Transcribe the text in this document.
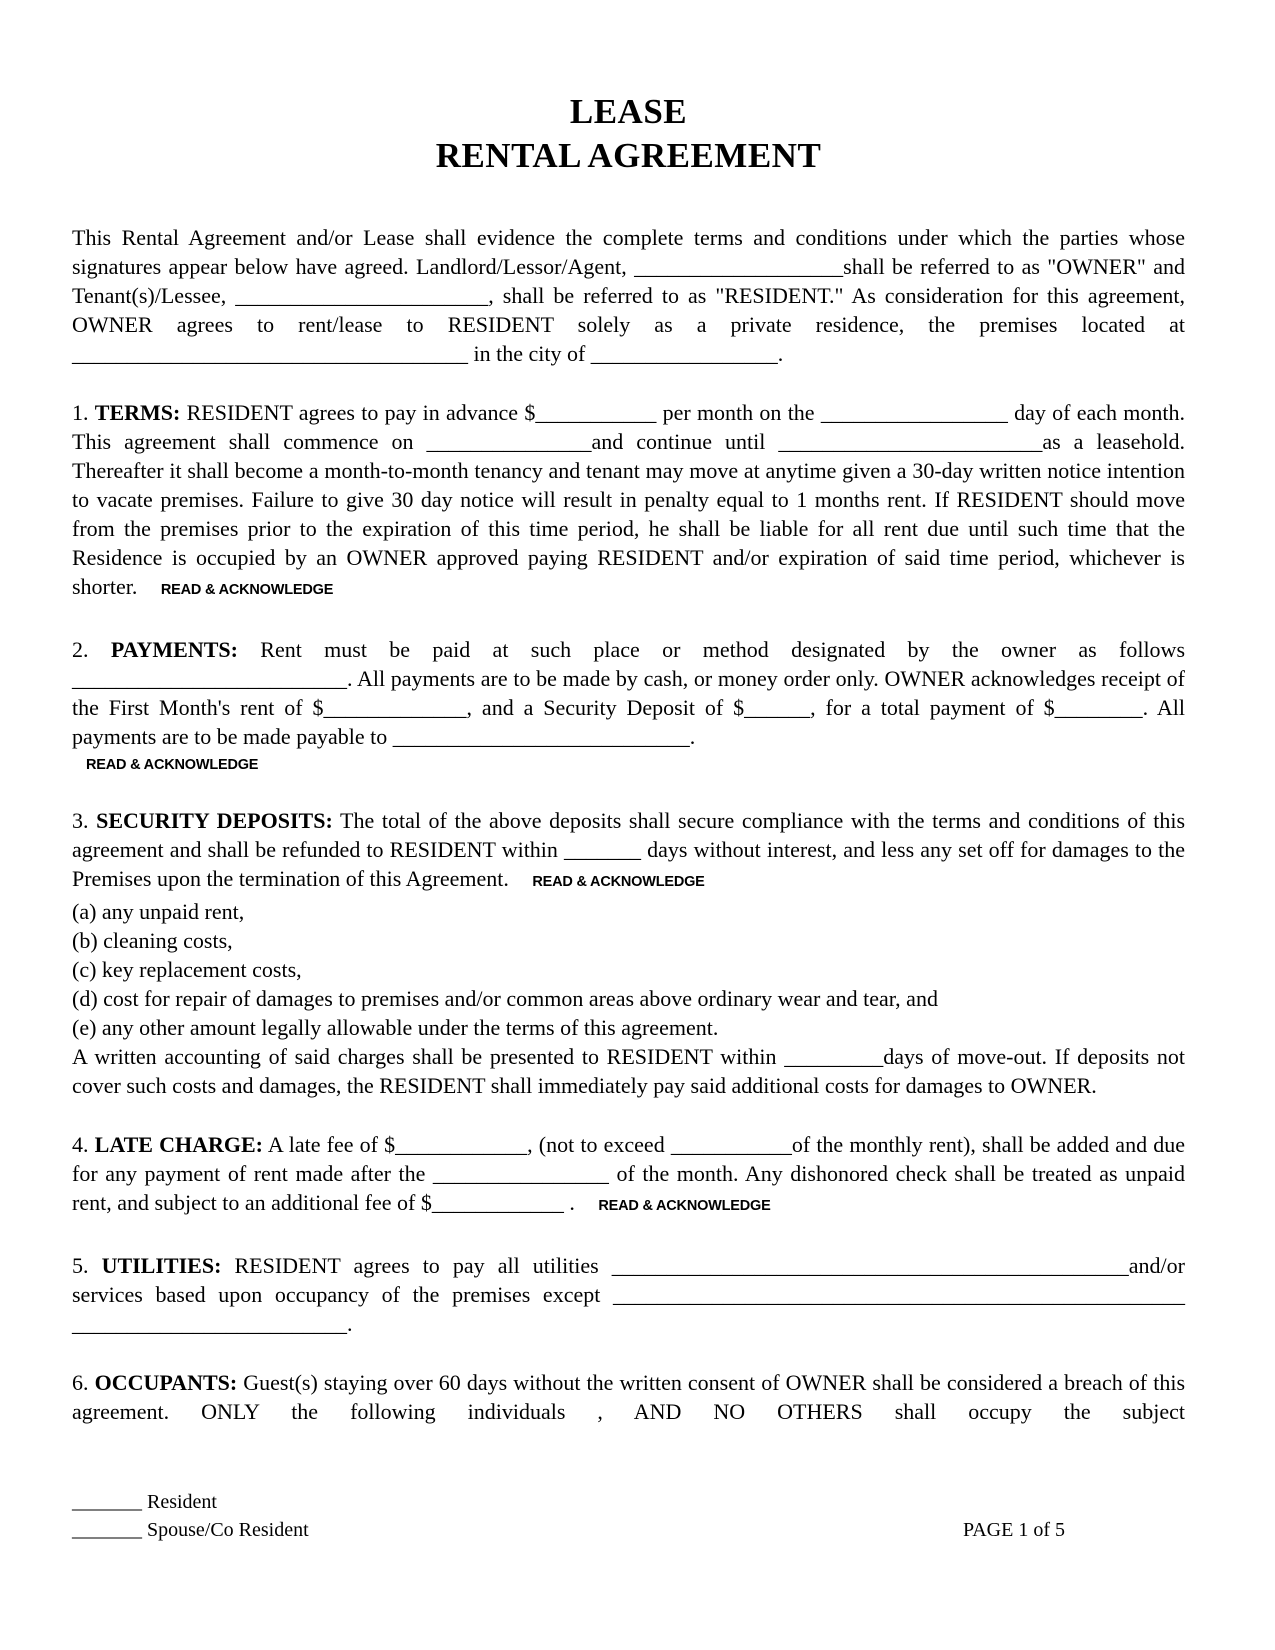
LEASE
RENTAL AGREEMENT

This Rental Agreement and/or Lease shall evidence the complete terms and conditions under which the parties whose signatures appear below have agreed. Landlord/Lessor/Agent, ___________________shall be referred to as "OWNER" and Tenant(s)/Lessee, _______________________, shall be referred to as "RESIDENT." As consideration for this agreement, OWNER agrees to rent/lease to RESIDENT solely as a private residence, the premises located at ____________________________________ in the city of _________________.

1. TERMS: RESIDENT agrees to pay in advance $___________ per month on the _________________ day of each month. This agreement shall commence on _______________and continue until ________________________as a leasehold. Thereafter it shall become a month-to-month tenancy and tenant may move at anytime given a 30-day written notice intention to vacate premises. Failure to give 30 day notice will result in penalty equal to 1 months rent. If RESIDENT should move from the premises prior to the expiration of this time period, he shall be liable for all rent due until such time that the Residence is occupied by an OWNER approved paying RESIDENT and/or expiration of said time period, whichever is shorter. READ & ACKNOWLEDGE

2. PAYMENTS: Rent must be paid at such place or method designated by the owner as follows _________________________. All payments are to be made by cash, or money order only. OWNER acknowledges receipt of the First Month's rent of $_____________, and a Security Deposit of $______, for a total payment of $________. All payments are to be made payable to ___________________________.

READ & ACKNOWLEDGE

3. SECURITY DEPOSITS: The total of the above deposits shall secure compliance with the terms and conditions of this agreement and shall be refunded to RESIDENT within _______ days without interest, and less any set off for damages to the Premises upon the termination of this Agreement. READ & ACKNOWLEDGE

(a) any unpaid rent,

(b) cleaning costs,

(c) key replacement costs,

(d) cost for repair of damages to premises and/or common areas above ordinary wear and tear, and

(e) any other amount legally allowable under the terms of this agreement.

A written accounting of said charges shall be presented to RESIDENT within _________days of move-out. If deposits not cover such costs and damages, the RESIDENT shall immediately pay said additional costs for damages to OWNER.

4. LATE CHARGE: A late fee of $____________, (not to exceed ___________of the monthly rent), shall be added and due for any payment of rent made after the ________________ of the month. Any dishonored check shall be treated as unpaid rent, and subject to an additional fee of $____________ . READ & ACKNOWLEDGE

5. UTILITIES: RESIDENT agrees to pay all utilities _______________________________________________and/or services based upon occupancy of the premises except ____________________________________________________ _________________________.

6. OCCUPANTS: Guest(s) staying over 60 days without the written consent of OWNER shall be considered a breach of this agreement. ONLY the following individuals , AND NO OTHERS shall occupy the subject

_______ Resident
_______ Spouse/Co Resident	PAGE 1 of 5
